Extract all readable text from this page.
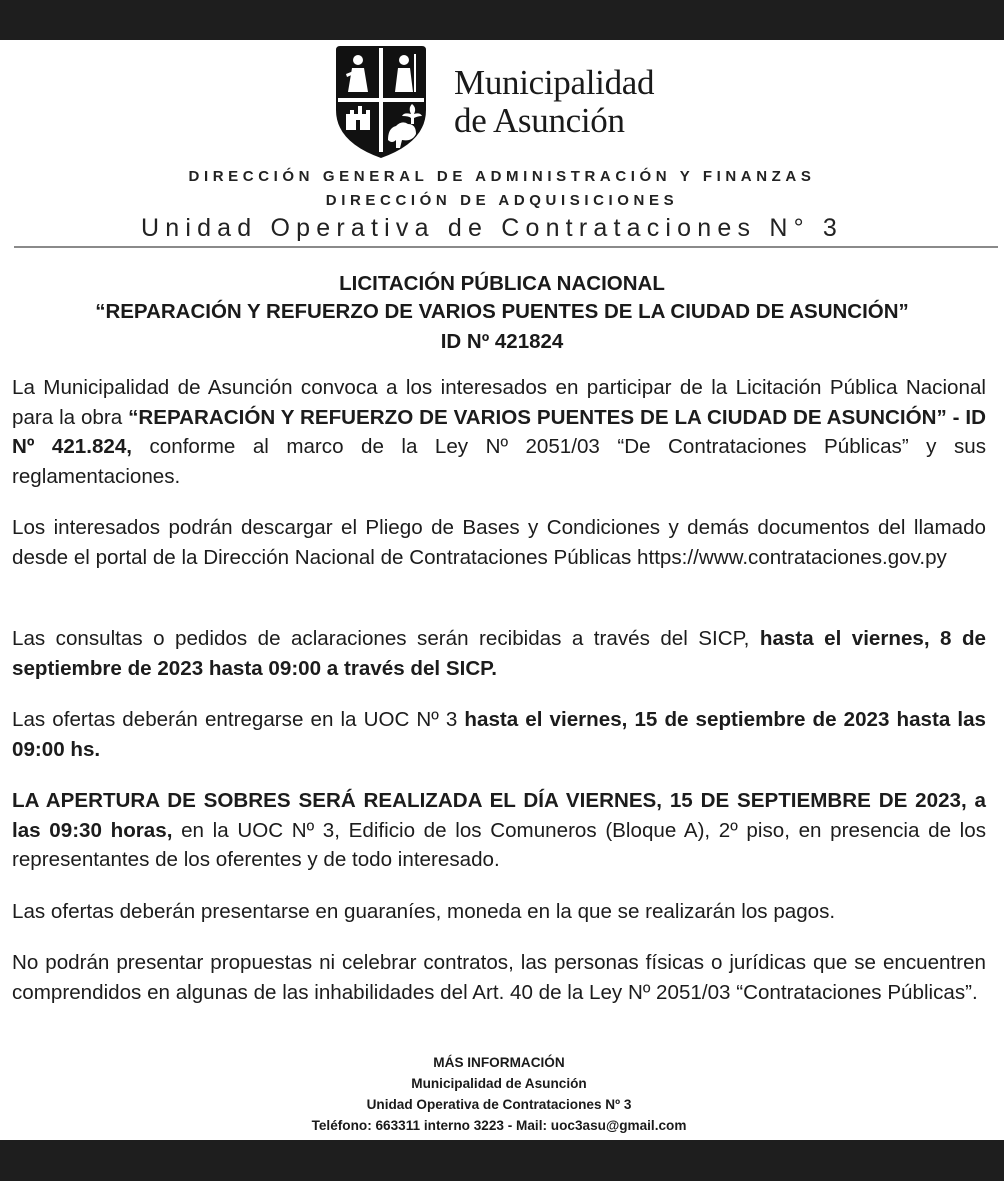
Municipalidad
de Asunción
DIRECCIÓN GENERAL DE ADMINISTRACIÓN Y FINANZAS
DIRECCIÓN DE ADQUISICIONES
Unidad Operativa de Contrataciones N° 3
LICITACIÓN PÚBLICA NACIONAL
“REPARACIÓN Y REFUERZO DE VARIOS PUENTES DE LA CIUDAD DE ASUNCIÓN”
ID Nº 421824
La Municipalidad de Asunción convoca a los interesados en participar de la Licitación Pública Nacional para la obra “REPARACIÓN Y REFUERZO DE VARIOS PUENTES DE LA CIUDAD DE ASUNCIÓN” - ID Nº 421.824, conforme al marco de la Ley Nº 2051/03 “De Contrataciones Públicas” y sus reglamentaciones.
Los interesados podrán descargar el Pliego de Bases y Condiciones y demás documentos del llamado desde el portal de la Dirección Nacional de Contrataciones Públicas https://www.contrataciones.gov.py
Las consultas o pedidos de aclaraciones serán recibidas a través del SICP, hasta el viernes, 8 de septiembre de 2023 hasta 09:00 a través del SICP.
Las ofertas deberán entregarse en la UOC Nº 3 hasta el viernes, 15 de septiembre de 2023 hasta las 09:00 hs.
LA APERTURA DE SOBRES SERÁ REALIZADA EL DÍA VIERNES, 15 DE SEPTIEMBRE DE 2023, a las 09:30 horas, en la UOC Nº 3, Edificio de los Comuneros (Bloque A), 2º piso, en presencia de los representantes de los oferentes y de todo interesado.
Las ofertas deberán presentarse en guaraníes, moneda en la que se realizarán los pagos.
No podrán presentar propuestas ni celebrar contratos, las personas físicas o jurídicas que se encuentren comprendidos en algunas de las inhabilidades del Art. 40 de la Ley Nº 2051/03 “Contrataciones Públicas”.
MÁS INFORMACIÓN
Municipalidad de Asunción
Unidad Operativa de Contrataciones Nº 3
Teléfono: 663311 interno 3223 - Mail: uoc3asu@gmail.com
